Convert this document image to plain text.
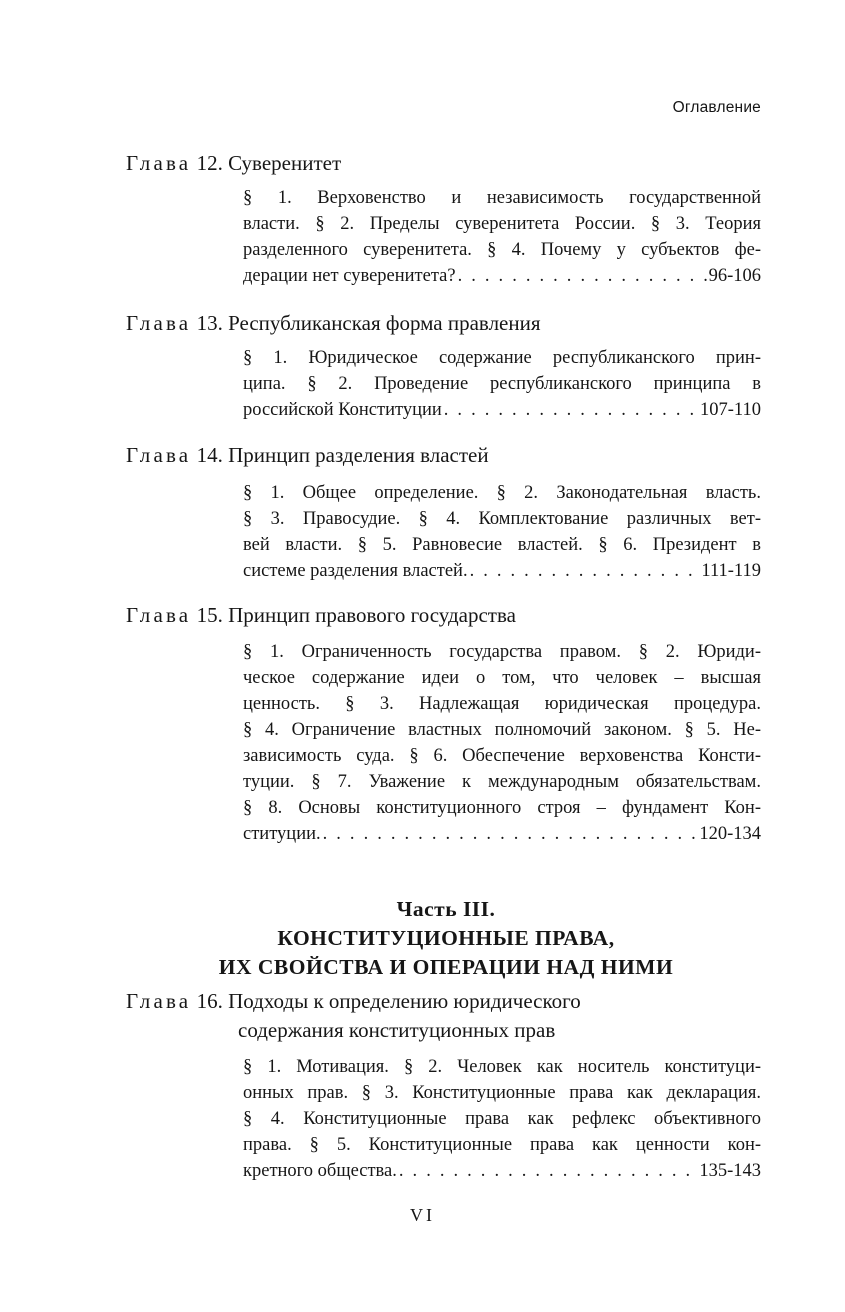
Оглавление
Глава 12. Суверенитет
§ 1. Верховенство и независимость государственной
власти. § 2. Пределы суверенитета России. § 3. Теория
разделенного суверенитета. § 4. Почему у субъектов фе-
дерации нет суверенитета? . . .	96-106
Глава 13. Республиканская форма правления
§ 1. Юридическое содержание республиканского прин-
ципа. § 2. Проведение республиканского принципа в
российской Конституции . . .	107-110
Глава 14. Принцип разделения властей
§ 1. Общее определение. § 2. Законодательная власть.
§ 3. Правосудие. § 4. Комплектование различных вет-
вей власти. § 5. Равновесие властей. § 6. Президент в
системе разделения властей. . . .	111-119
Глава 15. Принцип правового государства
§ 1. Ограниченность государства правом. § 2. Юриди-
ческое содержание идеи о том, что человек – высшая
ценность. § 3. Надлежащая юридическая процедура.
§ 4. Ограничение властных полномочий законом. § 5. Не-
зависимость суда. § 6. Обеспечение верховенства Консти-
туции. § 7. Уважение к международным обязательствам.
§ 8. Основы конституционного строя – фундамент Кон-
ституции. . . .	120-134
Часть III.
КОНСТИТУЦИОННЫЕ ПРАВА,
ИХ СВОЙСТВА И ОПЕРАЦИИ НАД НИМИ
Глава 16. Подходы к определению юридического
содержания конституционных прав
§ 1. Мотивация. § 2. Человек как носитель конституци-
онных прав. § 3. Конституционные права как декларация.
§ 4. Конституционные права как рефлекс объективного
права. § 5. Конституционные права как ценности кон-
кретного общества. . . .	135-143
VI
